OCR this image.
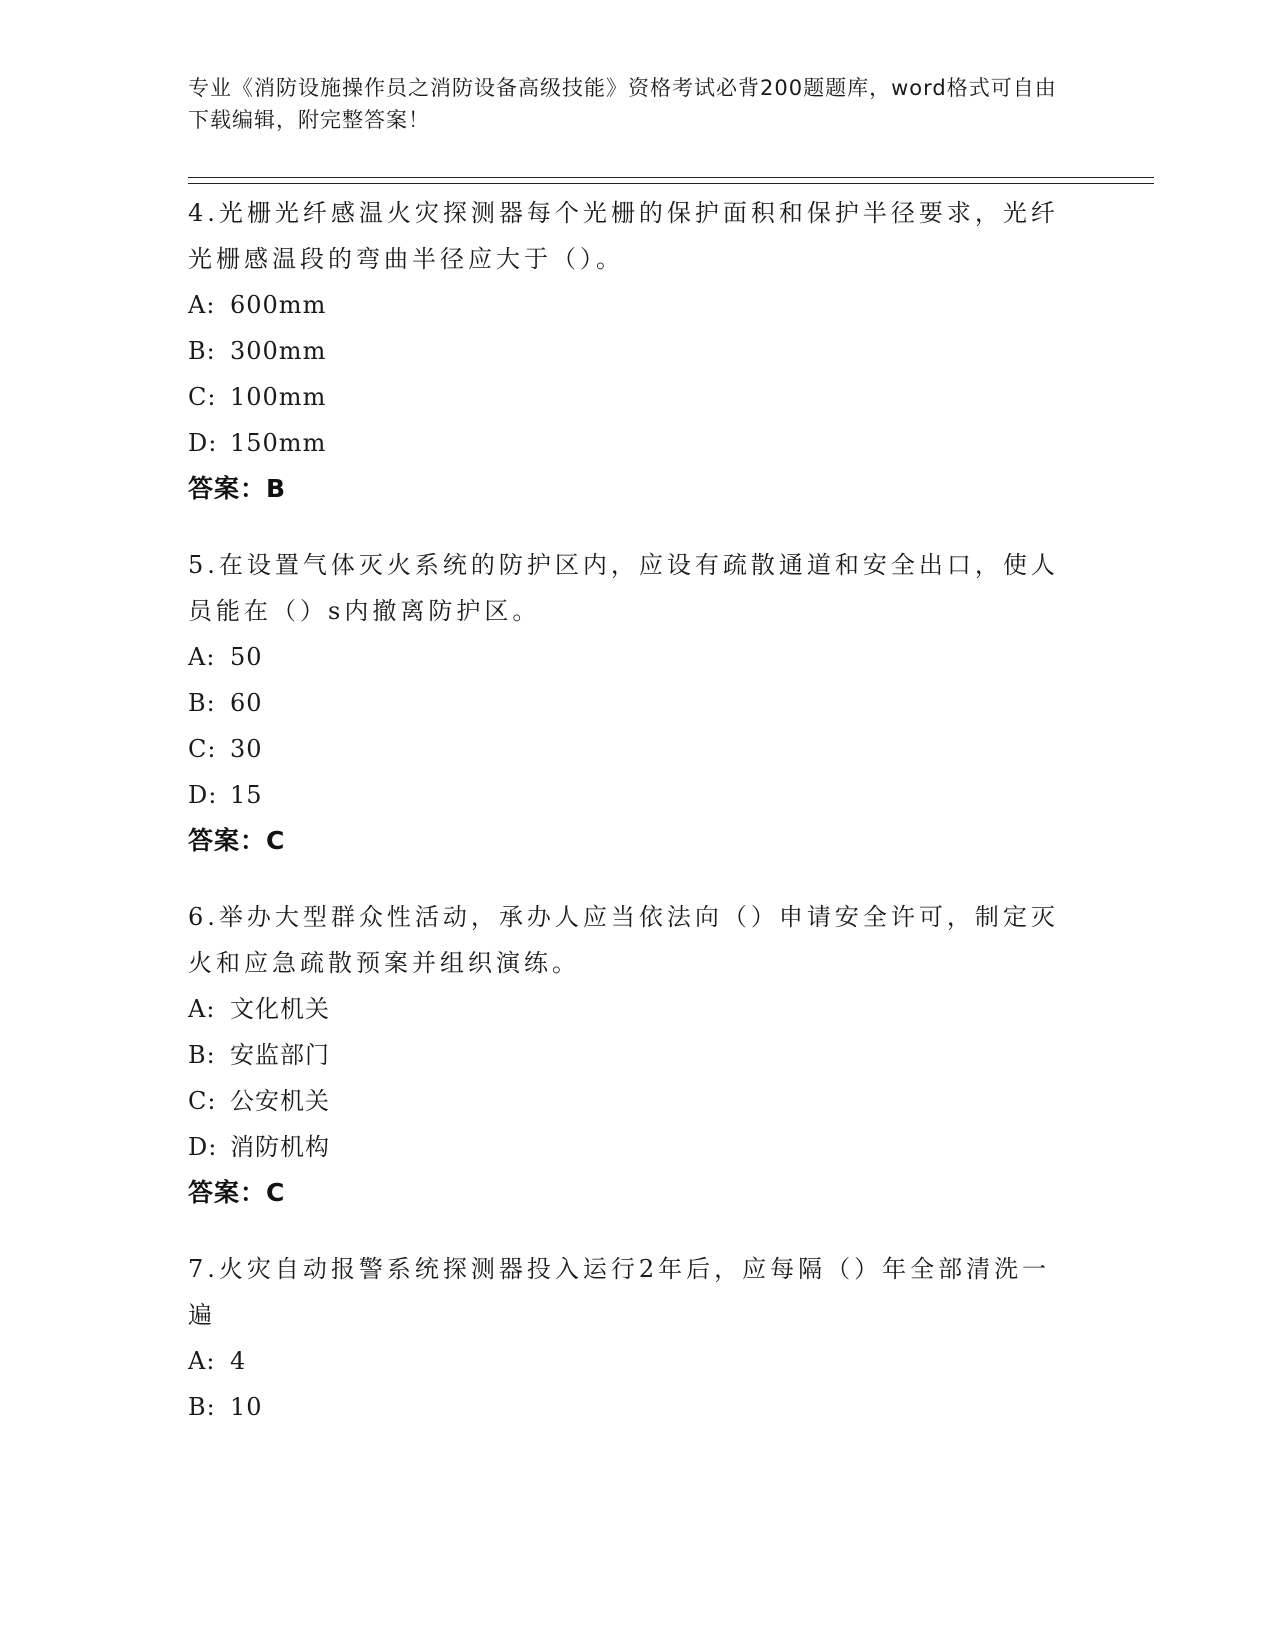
专业《消防设施操作员之消防设备高级技能》资格考试必背200题题库，word格式可自由下载编辑，附完整答案！

4.光栅光纤感温火灾探测器每个光栅的保护面积和保护半径要求，光纤光栅感温段的弯曲半径应大于（）。

A: 600mm

B: 300mm

C: 100mm

D: 150mm

答案：B

5.在设置气体灭火系统的防护区内，应设有疏散通道和安全出口，使人员能在（）s内撤离防护区。

A: 50

B: 60

C: 30

D: 15

答案：C

6.举办大型群众性活动，承办人应当依法向（）申请安全许可，制定灭火和应急疏散预案并组织演练。

A: 文化机关

B: 安监部门

C: 公安机关

D: 消防机构

答案：C

7.火灾自动报警系统探测器投入运行2年后，应每隔（）年全部清洗一遍

A: 4

B: 10
